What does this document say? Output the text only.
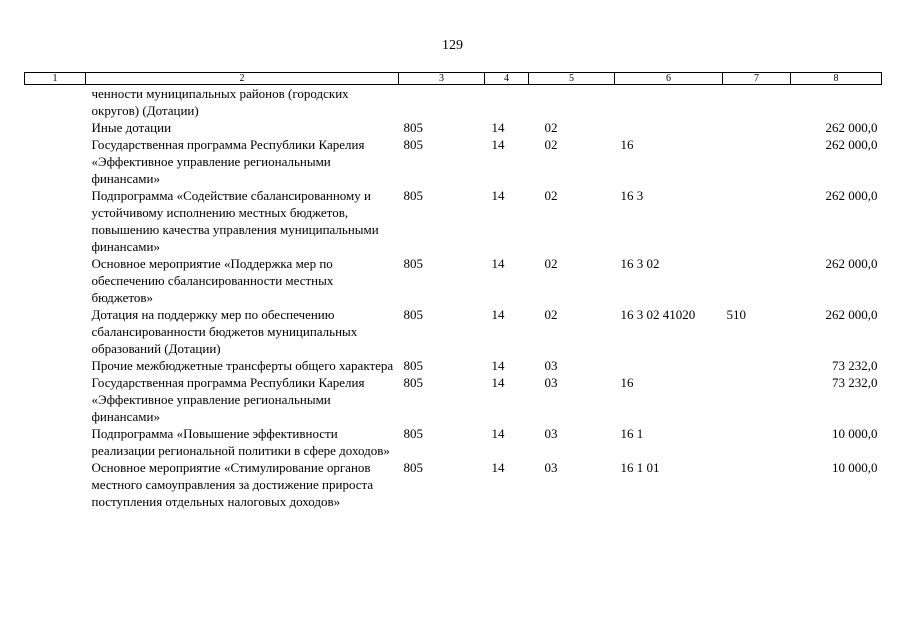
129
1	2	3	4	5	6	7	8
	ченности муниципальных районов (городских округов) (Дотации)						
	Иные дотации	805	14	02			262 000,0
	Государственная программа Республики Карелия «Эффективное управление региональными финансами»	805	14	02	16		262 000,0
	Подпрограмма «Содействие сбалансированному и устойчивому исполнению местных бюджетов, повышению качества управления муниципальными финансами»	805	14	02	16 3		262 000,0
	Основное мероприятие «Поддержка мер по обеспечению сбалансированности местных бюджетов»	805	14	02	16 3 02		262 000,0
	Дотация на поддержку мер по обеспечению сбалансированности бюджетов муниципальных образований (Дотации)	805	14	02	16 3 02 41020	510	262 000,0
	Прочие межбюджетные трансферты общего характера	805	14	03			73 232,0
	Государственная программа Республики Карелия «Эффективное управление региональными финансами»	805	14	03	16		73 232,0
	Подпрограмма «Повышение эффективности реализации региональной политики в сфере доходов»	805	14	03	16 1		10 000,0
	Основное мероприятие «Стимулирование органов местного самоуправления за достижение прироста поступления отдельных налоговых доходов»	805	14	03	16 1 01		10 000,0
